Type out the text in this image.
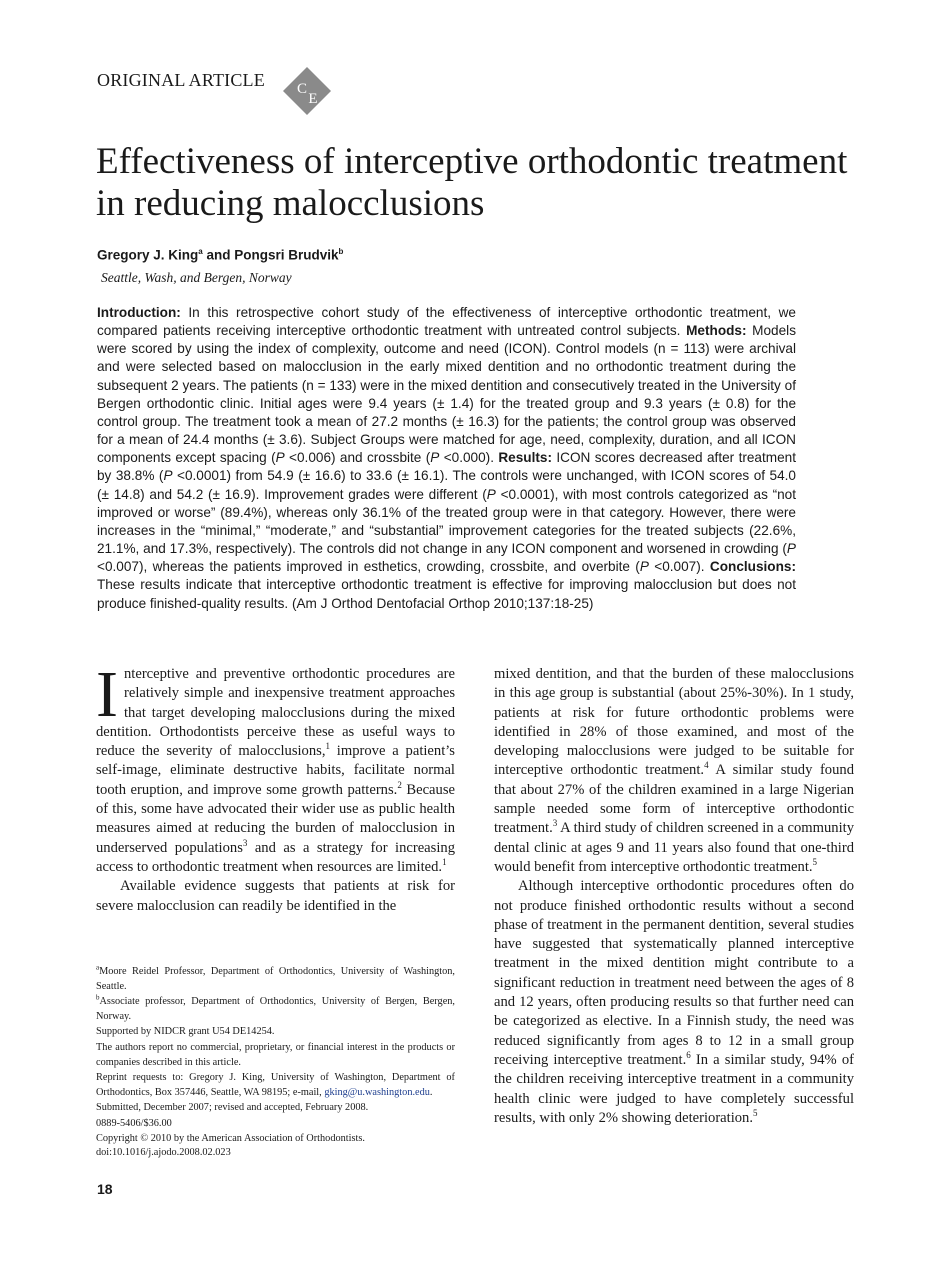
ORIGINAL ARTICLE C
E
Effectiveness of interceptive orthodontic treatment in reducing malocclusions
Gregory J. King$^a$ and Pongsri Brudvik$^b$
Seattle, Wash, and Bergen, Norway

Introduction: In this retrospective cohort study of the effectiveness of interceptive orthodontic treatment, we compared patients receiving interceptive orthodontic treatment with untreated control subjects. Methods: Models were scored by using the index of complexity, outcome and need (ICON). Control models (n = 113) were archival and were selected based on malocclusion in the early mixed dentition and no orthodontic treatment during the subsequent 2 years. The patients (n = 133) were in the mixed dentition and consecutively treated in the University of Bergen orthodontic clinic. Initial ages were 9.4 years (± 1.4) for the treated group and 9.3 years (± 0.8) for the control group. The treatment took a mean of 27.2 months (± 16.3) for the patients; the control group was observed for a mean of 24.4 months (± 3.6). Subject Groups were matched for age, need, complexity, duration, and all ICON components except spacing (P <0.006) and crossbite (P <0.000). Results: ICON scores decreased after treatment by 38.8% (P <0.0001) from 54.9 (± 16.6) to 33.6 (± 16.1). The controls were unchanged, with ICON scores of 54.0 (± 14.8) and 54.2 (± 16.9). Improvement grades were different (P <0.0001), with most controls categorized as “not improved or worse” (89.4%), whereas only 36.1% of the treated group were in that category. However, there were increases in the “minimal,” “moderate,” and “substantial” improvement categories for the treated subjects (22.6%, 21.1%, and 17.3%, respectively). The controls did not change in any ICON component and worsened in crowding (P <0.007), whereas the patients improved in esthetics, crowding, crossbite, and overbite (P <0.007). Conclusions: These results indicate that interceptive orthodontic treatment is effective for improving malocclusion but does not produce finished-quality results. (Am J Orthod Dentofacial Orthop 2010;137:18-25)

Interceptive and preventive orthodontic procedures are relatively simple and inexpensive treatment approaches that target developing malocclusions during the mixed dentition. Orthodontists perceive these as useful ways to reduce the severity of malocclusions,$^1$ improve a patient’s self-image, eliminate destructive habits, facilitate normal tooth eruption, and improve some growth patterns.$^2$ Because of this, some have advocated their wider use as public health measures aimed at reducing the burden of malocclusion in underserved populations$^3$ and as a strategy for increasing access to orthodontic treatment when resources are limited.$^1$

Available evidence suggests that patients at risk for severe malocclusion can readily be identified in the

$^a$Moore Reidel Professor, Department of Orthodontics, University of Washington, Seattle.

$^b$Associate professor, Department of Orthodontics, University of Bergen, Bergen, Norway.

Supported by NIDCR grant U54 DE14254.

The authors report no commercial, proprietary, or financial interest in the products or companies described in this article.

Reprint requests to: Gregory J. King, University of Washington, Department of Orthodontics, Box 357446, Seattle, WA 98195; e-mail, gking@u.washington.edu.

Submitted, December 2007; revised and accepted, February 2008.

0889-5406/$36.00

Copyright © 2010 by the American Association of Orthodontists.

doi:10.1016/j.ajodo.2008.02.023

mixed dentition, and that the burden of these malocclusions in this age group is substantial (about 25%-30%). In 1 study, patients at risk for future orthodontic problems were identified in 28% of those examined, and most of the developing malocclusions were judged to be suitable for interceptive orthodontic treatment.$^4$ A similar study found that about 27% of the children examined in a large Nigerian sample needed some form of interceptive orthodontic treatment.$^3$ A third study of children screened in a community dental clinic at ages 9 and 11 years also found that one-third would benefit from interceptive orthodontic treatment.$^5$

Although interceptive orthodontic procedures often do not produce finished orthodontic results without a second phase of treatment in the permanent dentition, several studies have suggested that systematically planned interceptive treatment in the mixed dentition might contribute to a significant reduction in treatment need between the ages of 8 and 12 years, often producing results so that further need can be categorized as elective. In a Finnish study, the need was reduced significantly from ages 8 to 12 in a small group receiving interceptive treatment.$^6$ In a similar study, 94% of the children receiving interceptive treatment in a community health clinic were judged to have completely successful results, with only 2% showing deterioration.$^5$

18
